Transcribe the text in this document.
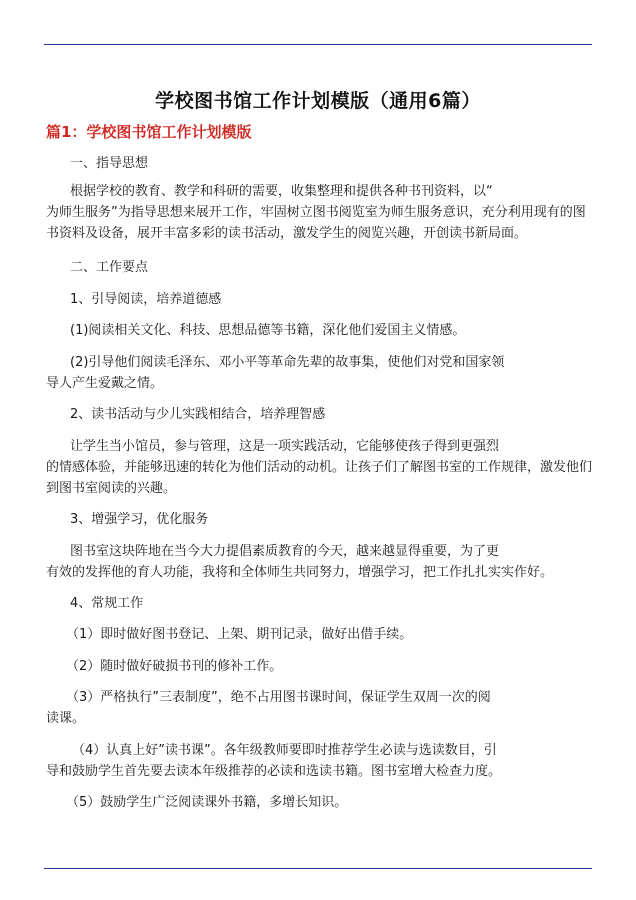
学校图书馆工作计划模版（通用6篇）
篇1：学校图书馆工作计划模版
一、指导思想
根据学校的教育、教学和科研的需要，收集整理和提供各种书刊资料，以“
为师生服务”为指导思想来展开工作，牢固树立图书阅览室为师生服务意识，充分利用现有的图
书资料及设备，展开丰富多彩的读书活动，激发学生的阅览兴趣，开创读书新局面。
二、工作要点
1、引导阅读，培养道德感
(1)阅读相关文化、科技、思想品德等书籍，深化他们爱国主义情感。
(2)引导他们阅读毛泽东、邓小平等革命先辈的故事集，使他们对党和国家领
导人产生爱戴之情。
2、读书活动与少儿实践相结合，培养理智感
让学生当小馆员，参与管理，这是一项实践活动，它能够使孩子得到更强烈
的情感体验，并能够迅速的转化为他们活动的动机。让孩子们了解图书室的工作规律，激发他们
到图书室阅读的兴趣。
3、增强学习，优化服务
图书室这块阵地在当今大力提倡素质教育的今天，越来越显得重要，为了更
有效的发挥他的育人功能，我将和全体师生共同努力，增强学习，把工作扎扎实实作好。
4、常规工作
（1）即时做好图书登记、上架、期刊记录，做好出借手续。
（2）随时做好破损书刊的修补工作。
（3）严格执行”三表制度”，绝不占用图书课时间，保证学生双周一次的阅
读课。
（4）认真上好”读书课”。各年级教师要即时推荐学生必读与选读数目，引
导和鼓励学生首先要去读本年级推荐的必读和选读书籍。图书室增大检查力度。
（5）鼓励学生广泛阅读课外书籍，多增长知识。
